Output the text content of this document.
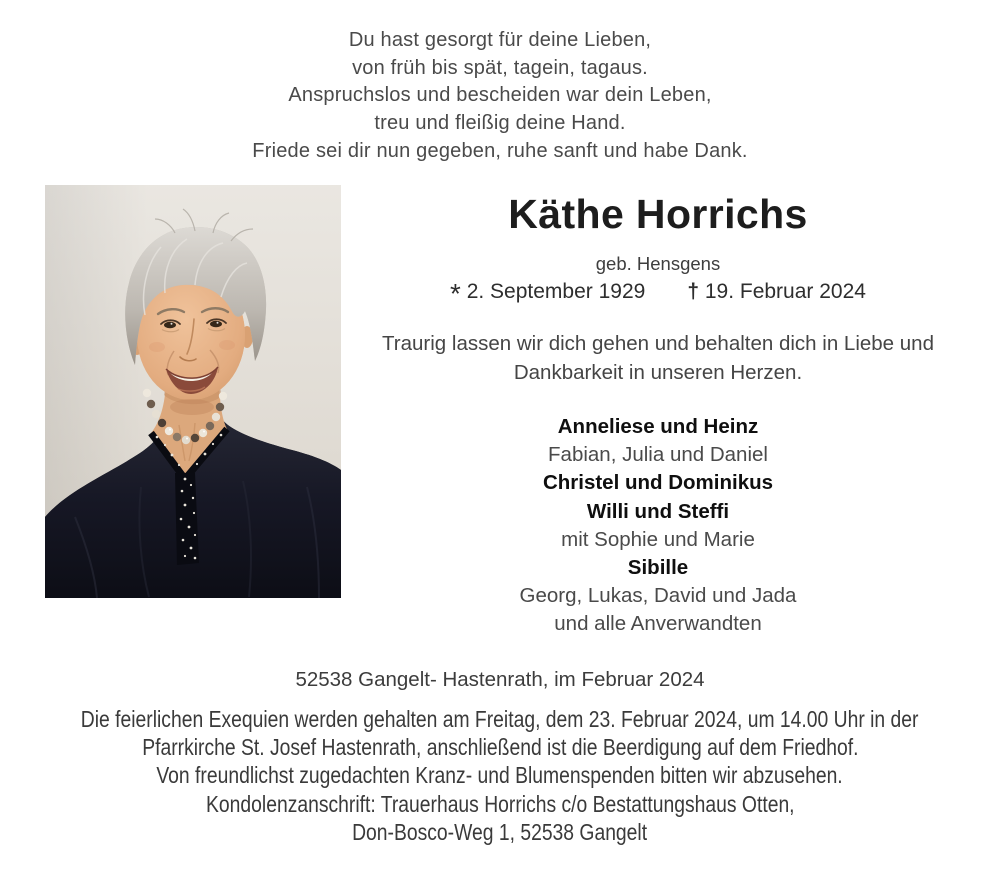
Du hast gesorgt für deine Lieben,
von früh bis spät, tagein, tagaus.
Anspruchslos und bescheiden war dein Leben,
treu und fleißig deine Hand.
Friede sei dir nun gegeben, ruhe sanft und habe Dank.
Käthe Horrichs
geb. Hensgens
* 2. September 1929 † 19. Februar 2024
Traurig lassen wir dich gehen und behalten dich in Liebe und
Dankbarkeit in unseren Herzen.
Anneliese und Heinz
Fabian, Julia und Daniel
Christel und Dominikus
Willi und Steffi
mit Sophie und Marie
Sibille
Georg, Lukas, David und Jada
und alle Anverwandten
52538 Gangelt- Hastenrath, im Februar 2024
Die feierlichen Exequien werden gehalten am Freitag, dem 23. Februar 2024, um 14.00 Uhr in der
Pfarrkirche St. Josef Hastenrath, anschließend ist die Beerdigung auf dem Friedhof.
Von freundlichst zugedachten Kranz- und Blumenspenden bitten wir abzusehen.
Kondolenzanschrift: Trauerhaus Horrichs c/o Bestattungshaus Otten,
Don-Bosco-Weg 1, 52538 Gangelt
